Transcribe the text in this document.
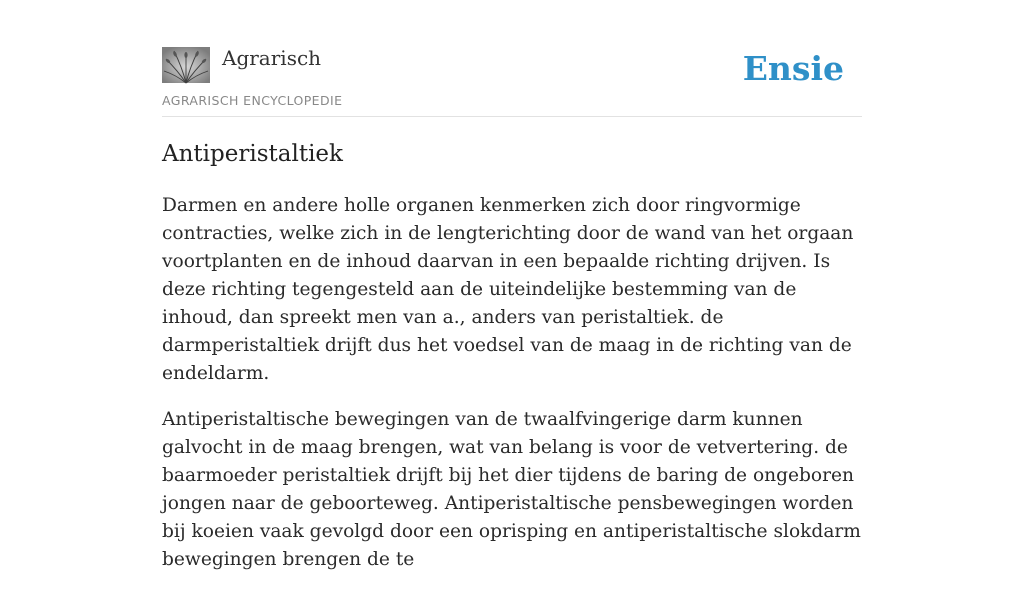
Agrarisch
AGRARISCH ENCYCLOPEDIE
Ensie
Antiperistaltiek

Darmen en andere holle organen kenmerken zich door ringvormige contracties, welke zich in de lengterichting door de wand van het orgaan voortplanten en de inhoud daarvan in een bepaalde richting drijven. Is deze richting tegengesteld aan de uiteindelijke bestemming van de inhoud, dan spreekt men van a., anders van peristaltiek. de darmperistaltiek drijft dus het voedsel van de maag in de richting van de endeldarm.

Antiperistaltische bewegingen van de twaalfvingerige darm kunnen galvocht in de maag brengen, wat van belang is voor de vetvertering. de baarmoeder peristaltiek drijft bij het dier tijdens de baring de ongeboren jongen naar de geboorteweg. Antiperistaltische pensbewegingen worden bij koeien vaak gevolgd door een oprisping en antiperistaltische slokdarm bewegingen brengen de te
